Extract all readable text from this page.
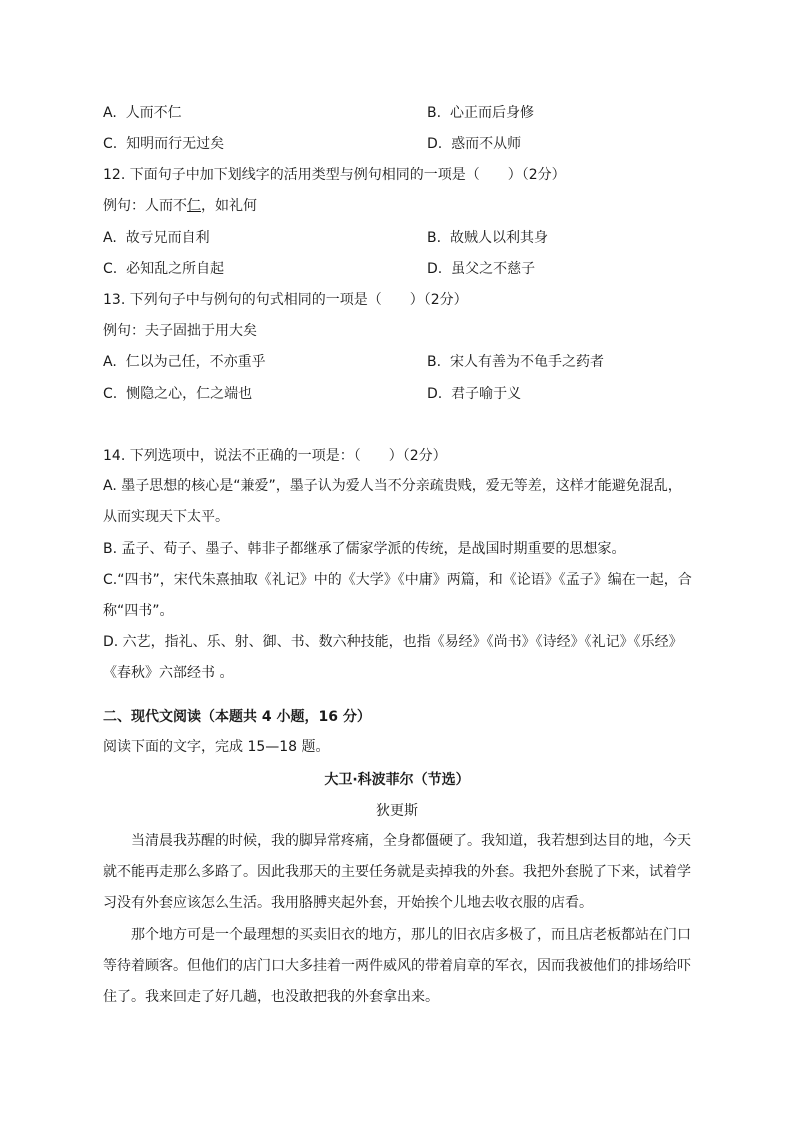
A. 人而不仁	B. 心正而后身修
C. 知明而行无过矣	D. 惑而不从师
12. 下面句子中加下划线字的活用类型与例句相同的一项是（　　）（2分）
例句：人而不仁，如礼何
A. 故亏兄而自利	B. 故贼人以利其身
C. 必知乱之所自起	D. 虽父之不慈子
13. 下列句子中与例句的句式相同的一项是（　　）（2分）
例句：夫子固拙于用大矣
A. 仁以为己任，不亦重乎	B. 宋人有善为不龟手之药者
C. 恻隐之心，仁之端也	D. 君子喻于义
14. 下列选项中，说法不正确的一项是：（　　）（2分）
A. 墨子思想的核心是“兼爱”，墨子认为爱人当不分亲疏贵贱，爱无等差，这样才能避免混乱，从而实现天下太平。
B. 孟子、荀子、墨子、韩非子都继承了儒家学派的传统，是战国时期重要的思想家。
C.“四书”，宋代朱熹抽取《礼记》中的《大学》《中庸》两篇，和《论语》《孟子》编在一起，合称“四书”。
D. 六艺，指礼、乐、射、御、书、数六种技能，也指《易经》《尚书》《诗经》《礼记》《乐经》《春秋》六部经书 。
二、现代文阅读（本题共 4 小题，16 分）
阅读下面的文字，完成 15—18 题。
大卫·科波菲尔（节选）
狄更斯
当清晨我苏醒的时候，我的脚异常疼痛，全身都僵硬了。我知道，我若想到达目的地，今天就不能再走那么多路了。因此我那天的主要任务就是卖掉我的外套。我把外套脱了下来，试着学习没有外套应该怎么生活。我用胳膊夹起外套，开始挨个儿地去收衣服的店看。
那个地方可是一个最理想的买卖旧衣的地方，那儿的旧衣店多极了，而且店老板都站在门口等待着顾客。但他们的店门口大多挂着一两件威风的带着肩章的军衣，因而我被他们的排场给吓住了。我来回走了好几趟，也没敢把我的外套拿出来。
